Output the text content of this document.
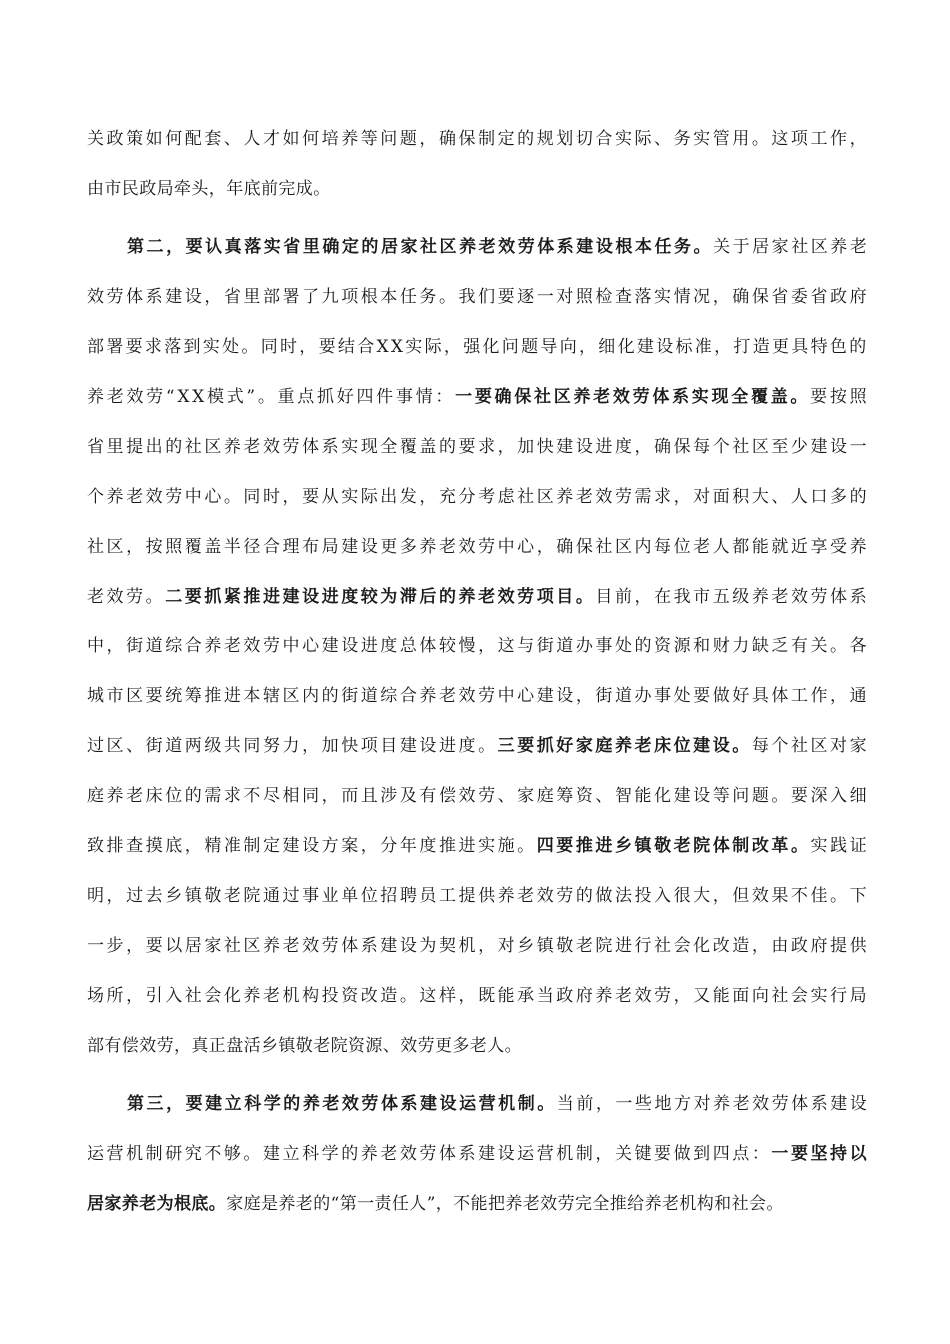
关政策如何配套、人才如何培养等问题，确保制定的规划切合实际、务实管用。这项工作，
由市民政局牵头，年底前完成。
第二，要认真落实省里确定的居家社区养老效劳体系建设根本任务。关于居家社区养老
效劳体系建设，省里部署了九项根本任务。我们要逐一对照检查落实情况，确保省委省政府
部署要求落到实处。同时，要结合XX实际，强化问题导向，细化建设标准，打造更具特色的
养老效劳“XX模式”。重点抓好四件事情：一要确保社区养老效劳体系实现全覆盖。要按照
省里提出的社区养老效劳体系实现全覆盖的要求，加快建设进度，确保每个社区至少建设一
个养老效劳中心。同时，要从实际出发，充分考虑社区养老效劳需求，对面积大、人口多的
社区，按照覆盖半径合理布局建设更多养老效劳中心，确保社区内每位老人都能就近享受养
老效劳。二要抓紧推进建设进度较为滞后的养老效劳项目。目前，在我市五级养老效劳体系
中，街道综合养老效劳中心建设进度总体较慢，这与街道办事处的资源和财力缺乏有关。各
城市区要统筹推进本辖区内的街道综合养老效劳中心建设，街道办事处要做好具体工作，通
过区、街道两级共同努力，加快项目建设进度。三要抓好家庭养老床位建设。每个社区对家
庭养老床位的需求不尽相同，而且涉及有偿效劳、家庭筹资、智能化建设等问题。要深入细
致排查摸底，精准制定建设方案，分年度推进实施。四要推进乡镇敬老院体制改革。实践证
明，过去乡镇敬老院通过事业单位招聘员工提供养老效劳的做法投入很大，但效果不佳。下
一步，要以居家社区养老效劳体系建设为契机，对乡镇敬老院进行社会化改造，由政府提供
场所，引入社会化养老机构投资改造。这样，既能承当政府养老效劳，又能面向社会实行局
部有偿效劳，真正盘活乡镇敬老院资源、效劳更多老人。
第三，要建立科学的养老效劳体系建设运营机制。当前，一些地方对养老效劳体系建设
运营机制研究不够。建立科学的养老效劳体系建设运营机制，关键要做到四点：一要坚持以
居家养老为根底。家庭是养老的“第一责任人”，不能把养老效劳完全推给养老机构和社会。
